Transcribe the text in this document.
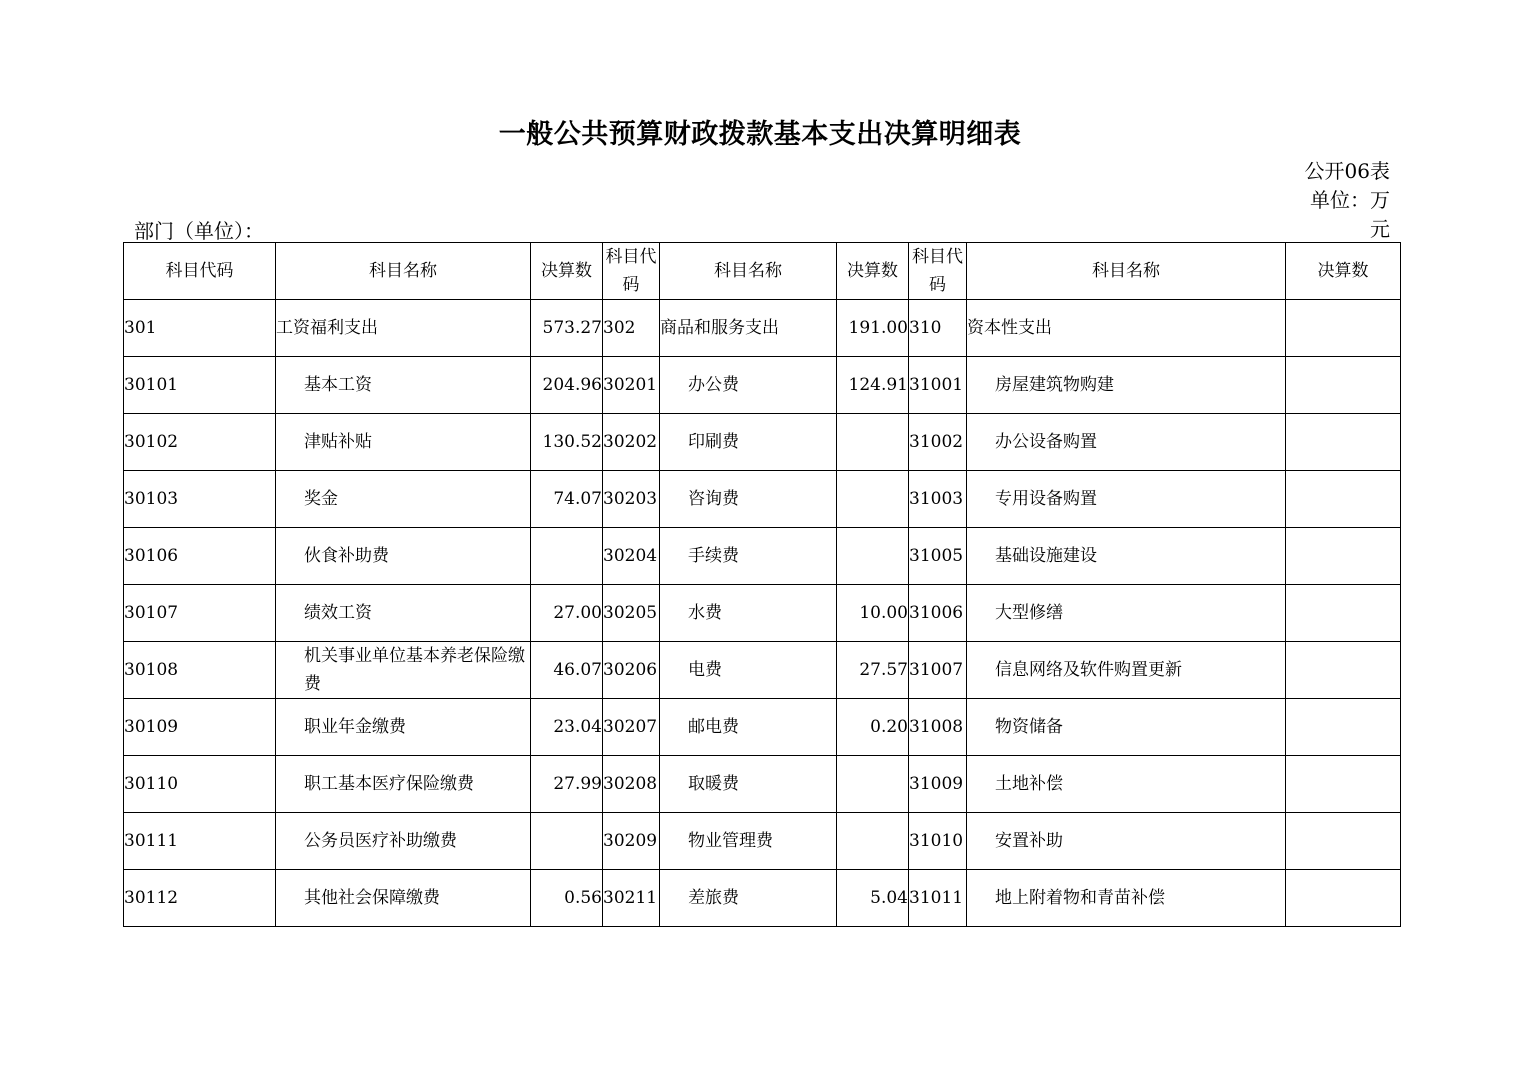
一般公共预算财政拨款基本支出决算明细表
公开06表
单位：万元
部门（单位）：
科目代码	科目名称	决算数	科目代码	科目名称	决算数	科目代码	科目名称	决算数
301	工资福利支出	573.27	302	商品和服务支出	191.00	310	资本性支出	
30101	基本工资	204.96	30201	办公费	124.91	31001	房屋建筑物购建	
30102	津贴补贴	130.52	30202	印刷费		31002	办公设备购置	
30103	奖金	74.07	30203	咨询费		31003	专用设备购置	
30106	伙食补助费		30204	手续费		31005	基础设施建设	
30107	绩效工资	27.00	30205	水费	10.00	31006	大型修缮	
30108	机关事业单位基本养老保险缴费	46.07	30206	电费	27.57	31007	信息网络及软件购置更新	
30109	职业年金缴费	23.04	30207	邮电费	0.20	31008	物资储备	
30110	职工基本医疗保险缴费	27.99	30208	取暖费		31009	土地补偿	
30111	公务员医疗补助缴费		30209	物业管理费		31010	安置补助	
30112	其他社会保障缴费	0.56	30211	差旅费	5.04	31011	地上附着物和青苗补偿	
